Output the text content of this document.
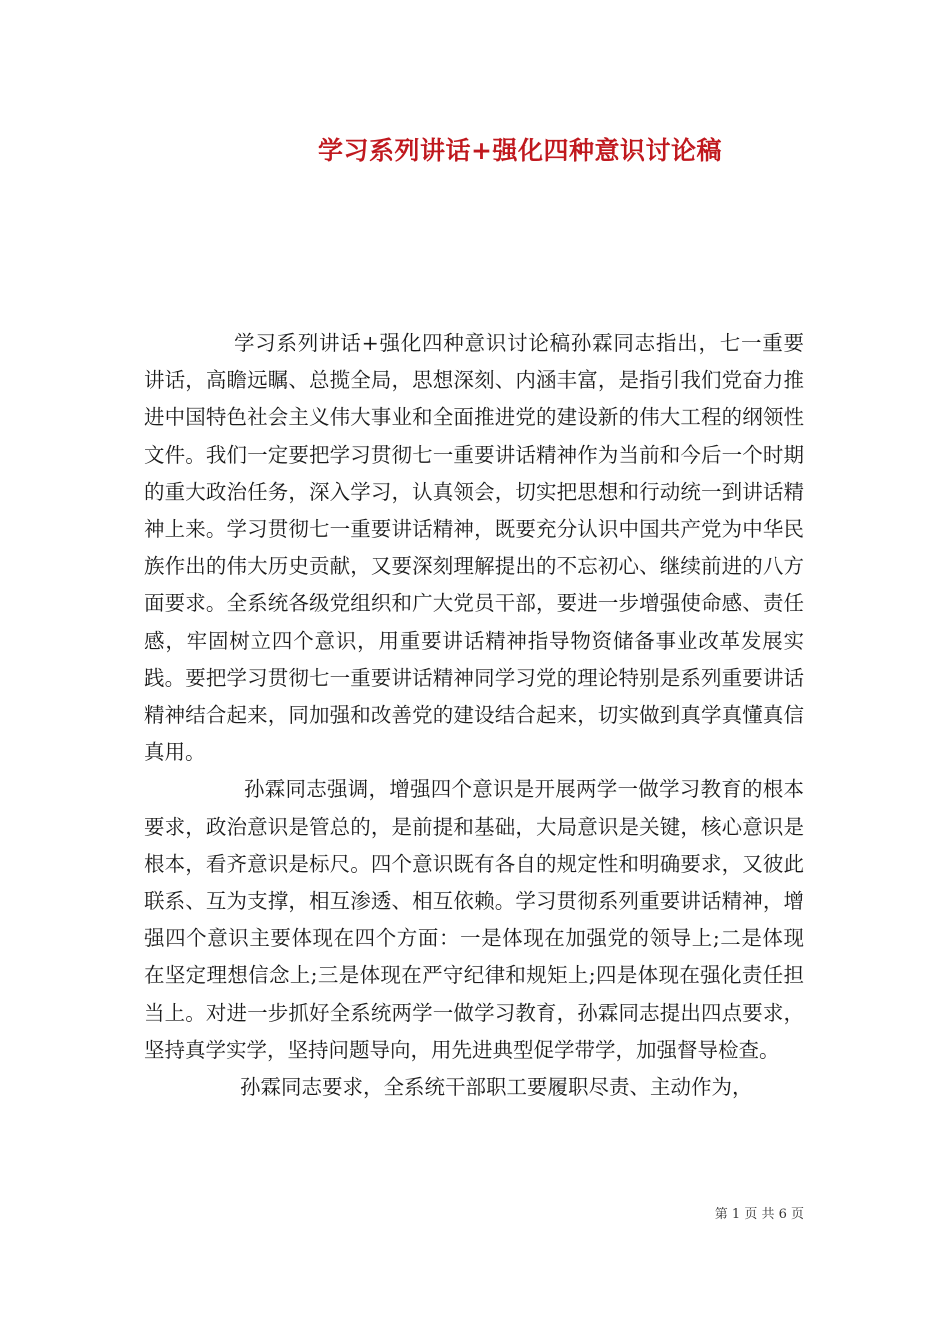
学习系列讲话+强化四种意识讨论稿

学习系列讲话+强化四种意识讨论稿孙霖同志指出，七一重要讲话，高瞻远瞩、总揽全局，思想深刻、内涵丰富，是指引我们党奋力推进中国特色社会主义伟大事业和全面推进党的建设新的伟大工程的纲领性文件。我们一定要把学习贯彻七一重要讲话精神作为当前和今后一个时期的重大政治任务，深入学习，认真领会，切实把思想和行动统一到讲话精神上来。学习贯彻七一重要讲话精神，既要充分认识中国共产党为中华民族作出的伟大历史贡献，又要深刻理解提出的不忘初心、继续前进的八方面要求。全系统各级党组织和广大党员干部，要进一步增强使命感、责任感，牢固树立四个意识，用重要讲话精神指导物资储备事业改革发展实践。要把学习贯彻七一重要讲话精神同学习党的理论特别是系列重要讲话精神结合起来，同加强和改善党的建设结合起来，切实做到真学真懂真信真用。

孙霖同志强调，增强四个意识是开展两学一做学习教育的根本要求，政治意识是管总的，是前提和基础，大局意识是关键，核心意识是根本，看齐意识是标尺。四个意识既有各自的规定性和明确要求，又彼此联系、互为支撑，相互渗透、相互依赖。学习贯彻系列重要讲话精神，增强四个意识主要体现在四个方面：一是体现在加强党的领导上;二是体现在坚定理想信念上;三是体现在严守纪律和规矩上;四是体现在强化责任担当上。对进一步抓好全系统两学一做学习教育，孙霖同志提出四点要求，坚持真学实学，坚持问题导向，用先进典型促学带学，加强督导检查。

孙霖同志要求，全系统干部职工要履职尽责、主动作为，

第 1 页 共 6 页
